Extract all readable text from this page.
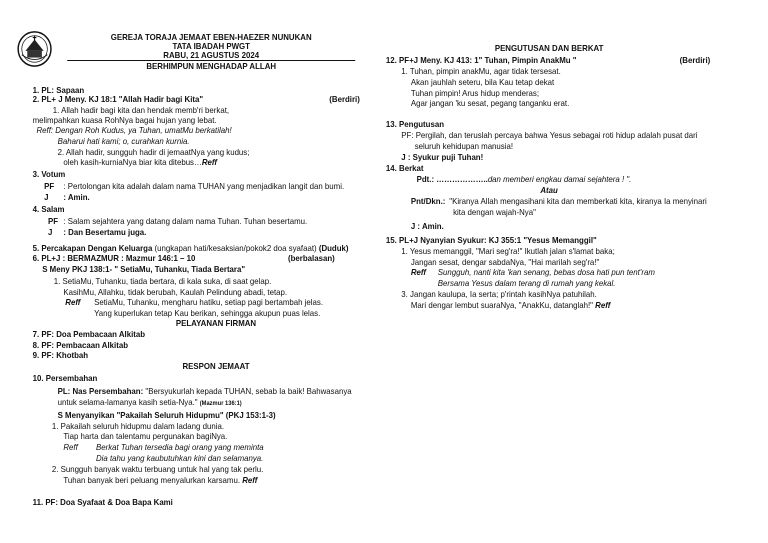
GEREJA TORAJA JEMAAT EBEN-HAEZER NUNUKAN
TATA IBADAH PWGT
RABU, 21 AGUSTUS 2024
BERHIMPUN MENGHADAP ALLAH
1. PL: Sapaan
2. PL+ J Meny. KJ 18:1 "Allah Hadir bagi Kita"	(Berdiri)
1. Allah hadir bagi kita dan hendak memb'ri berkat,
melimpahkan kuasa RohNya bagai hujan yang lebat.
Reff: Dengan Roh Kudus, ya Tuhan, umatMu berkatilah!
Baharui hati kami; o, curahkan kurnia.
2. Allah hadir, sungguh hadir di jemaatNya yang kudus;
oleh kasih-kurniaNya biar kita ditebus…Reff
3. Votum
PF : Pertolongan kita adalah dalam nama TUHAN yang menjadikan langit dan bumi.
J : Amin.
4. Salam
PF : Salam sejahtera yang datang dalam nama Tuhan. Tuhan besertamu.
J : Dan Besertamu juga.
5. Percakapan Dengan Keluarga (ungkapan hati/kesaksian/pokok2 doa syafaat) (Duduk)
6. PL+J : BERMAZMUR : Mazmur 146:1 – 10	(berbalasan)
S Meny PKJ 138:1- " SetiaMu, Tuhanku, Tiada Bertara"
1. SetiaMu, Tuhanku, tiada bertara, di kala suka, di saat gelap.
KasihMu, Allahku, tidak berubah, Kaulah Pelindung abadi, tetap.
Reff SetiaMu, Tuhanku, mengharu hatiku, setiap pagi bertambah jelas.
Yang kuperlukan tetap Kau berikan, sehingga akupun puas lelas.
PELAYANAN FIRMAN
7. PF: Doa Pembacaan Alkitab
8. PF: Pembacaan Alkitab
9. PF: Khotbah
RESPON JEMAAT
10. Persembahan
PL: Nas Persembahan: "Bersyukurlah kepada TUHAN, sebab Ia baik! Bahwasanya
untuk selama-lamanya kasih setia-Nya." (Mazmur 136:1)
S Menyanyikan "Pakailah Seluruh Hidupmu" (PKJ 153:1-3)
1. Pakailah seluruh hidupmu dalam ladang dunia.
Tiap harta dan talentamu pergunakan bagiNya.
Reff Berkat Tuhan tersedia bagi orang yang meminta
Dia tahu yang kaubutuhkan kini dan selamanya.
2. Sungguh banyak waktu terbuang untuk hal yang tak perlu.
Tuhan banyak beri peluang menyalurkan karsamu. Reff
11. PF: Doa Syafaat & Doa Bapa Kami
PENGUTUSAN DAN BERKAT
12. PF+J Meny. KJ 413: 1" Tuhan, Pimpin AnakMu "	(Berdiri)
1. Tuhan, pimpin anakMu, agar tidak tersesat.
Akan jauhlah seteru, bila Kau tetap dekat
Tuhan pimpin! Arus hidup menderas;
Agar jangan 'ku sesat, pegang tanganku erat.
13. Pengutusan
PF: Pergilah, dan teruslah percaya bahwa Yesus sebagai roti hidup adalah pusat dari
seluruh kehidupan manusia!
J : Syukur puji Tuhan!
14. Berkat
Pdt.: ………………..dan memberi engkau damai sejahtera ! ".
Atau
Pnt/Dkn.: "Kiranya Allah mengasihani kita dan memberkati kita, kiranya Ia menyinari
kita dengan wajah-Nya"
J : Amin.
15. PL+J Nyanyian Syukur: KJ 355:1 "Yesus Memanggil"
1. Yesus memanggil, "Mari seg'ra!" Ikutlah jalan s'lamat baka;
Jangan sesat, dengar sabdaNya, "Hai marilah seg'ra!"
Reff Sungguh, nanti kita 'kan senang, bebas dosa hati pun tent'ram
Bersama Yesus dalam terang di rumah yang kekal.
3. Jangan kaulupa, Ia serta; p'rintah kasihNya patuhilah.
Mari dengar lembut suaraNya, "AnakKu, datanglah!" Reff
